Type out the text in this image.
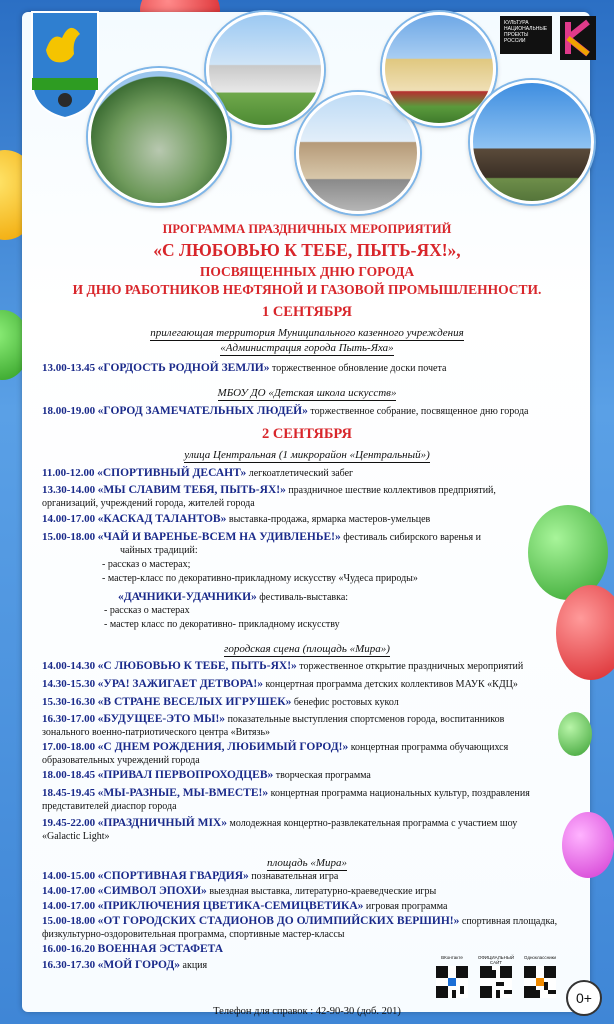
КУЛЬТУРА
НАЦИОНАЛЬНЫЕ
ПРОЕКТЫ
РОССИИ
ПРОГРАММА ПРАЗДНИЧНЫХ МЕРОПРИЯТИЙ
«С ЛЮБОВЬЮ К ТЕБЕ, ПЫТЬ-ЯХ!»,
ПОСВЯЩЕННЫХ ДНЮ ГОРОДА
И ДНЮ РАБОТНИКОВ НЕФТЯНОЙ И ГАЗОВОЙ ПРОМЫШЛЕННОСТИ.
1 СЕНТЯБРЯ
прилегающая территория Муниципального казенного учреждения
«Администрация города Пыть-Яха»
13.00-13.45 «ГОРДОСТЬ РОДНОЙ ЗЕМЛИ» торжественное обновление доски почета
МБОУ ДО «Детская школа искусств»
18.00-19.00 «ГОРОД ЗАМЕЧАТЕЛЬНЫХ ЛЮДЕЙ» торжественное собрание, посвященное дню города
2 СЕНТЯБРЯ
улица Центральная (1 микрорайон «Центральный»)
11.00-12.00 «СПОРТИВНЫЙ ДЕСАНТ» легкоатлетический забег
13.30-14.00 «МЫ СЛАВИМ ТЕБЯ, ПЫТЬ-ЯХ!» праздничное шествие коллективов предприятий,
организаций, учреждений города, жителей города
14.00-17.00 «КАСКАД ТАЛАНТОВ» выставка-продажа, ярмарка мастеров-умельцев
15.00-18.00 «ЧАЙ И ВАРЕНЬЕ-ВСЕМ НА УДИВЛЕНЬЕ!» фестиваль сибирского варенья и
чайных традиций:
- рассказ о мастерах;
- мастер-класс по декоративно-прикладному искусству «Чудеса природы»
«ДАЧНИКИ-УДАЧНИКИ» фестиваль-выставка:
- рассказ о мастерах
- мастер класс по декоративно- прикладному искусству
городская сцена (площадь «Мира»)
14.00-14.30 «С ЛЮБОВЬЮ К ТЕБЕ, ПЫТЬ-ЯХ!» торжественное открытие праздничных мероприятий
14.30-15.30 «УРА! ЗАЖИГАЕТ ДЕТВОРА!» концертная программа детских коллективов МАУК «КДЦ»
15.30-16.30 «В СТРАНЕ ВЕСЕЛЫХ ИГРУШЕК» бенефис ростовых кукол
16.30-17.00 «БУДУЩЕЕ-ЭТО МЫ!» показательные выступления спортсменов города, воспитанников
зонального военно-патриотического центра «Витязь»
17.00-18.00 «С ДНЕМ РОЖДЕНИЯ, ЛЮБИМЫЙ ГОРОД!» концертная программа обучающихся
образовательных учреждений города
18.00-18.45 «ПРИВАЛ ПЕРВОПРОХОДЦЕВ» творческая программа
18.45-19.45 «МЫ-РАЗНЫЕ, МЫ-ВМЕСТЕ!» концертная программа национальных культур, поздравления
представителей диаспор города
19.45-22.00 «ПРАЗДНИЧНЫЙ MIX» молодежная концертно-развлекательная программа с участием шоу
«Galactic Light»
площадь «Мира»
14.00-15.00 «СПОРТИВНАЯ ГВАРДИЯ» познавательная игра
14.00-17.00 «СИМВОЛ ЭПОХИ» выездная выставка, литературно-краеведческие игры
14.00-17.00 «ПРИКЛЮЧЕНИЯ ЦВЕТИКА-СЕМИЦВЕТИКА» игровая программа
15.00-18.00 «ОТ ГОРОДСКИХ СТАДИОНОВ ДО ОЛИМПИЙСКИХ ВЕРШИН!» спортивная площадка,
физкультурно-оздоровительная программа, спортивные мастер-классы
16.00-16.20 ВОЕННАЯ ЭСТАФЕТА
16.30-17.30 «МОЙ ГОРОД» акция
ВКонтакте	ОФИЦИАЛЬНЫЙ САЙТ
Одноклассники
0+
Телефон для справок : 42-90-30 (доб. 201)
